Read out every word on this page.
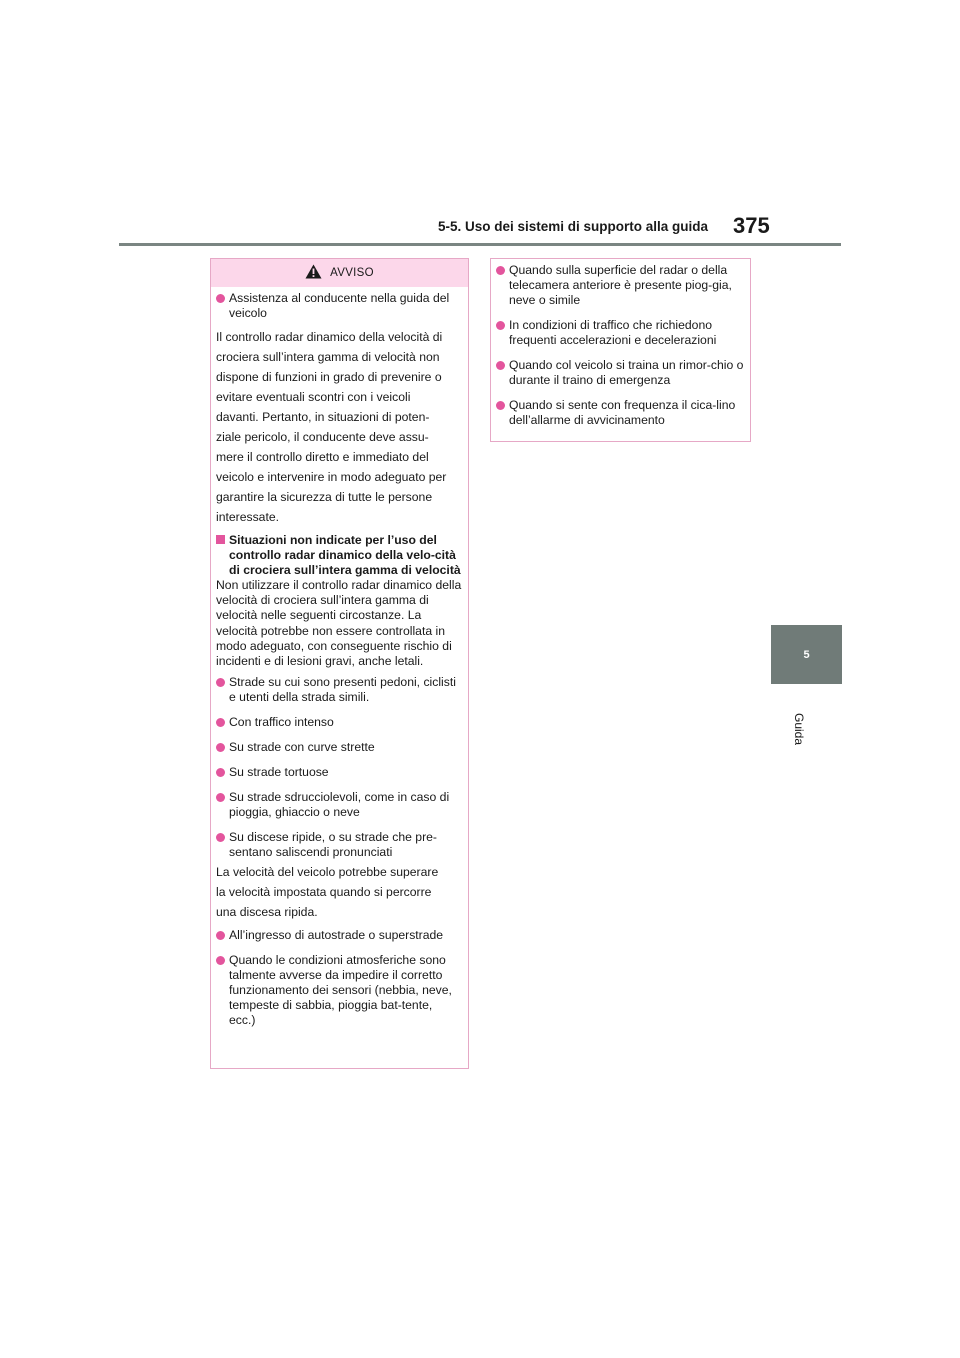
5-5. Uso dei sistemi di supporto alla guida 375
5
Guida
AVVISO
Assistenza al conducente nella guida del veicolo
Il controllo radar dinamico della velocità di
crociera sull’intera gamma di velocità non
dispone di funzioni in grado di prevenire o
evitare eventuali scontri con i veicoli
davanti. Pertanto, in situazioni di poten-
ziale pericolo, il conducente deve assu-
mere il controllo diretto e immediato del
veicolo e intervenire in modo adeguato per
garantire la sicurezza di tutte le persone
interessate.
Situazioni non indicate per l’uso del controllo radar dinamico della velo-cità di crociera sull’intera gamma di velocità
Non utilizzare il controllo radar dinamico della velocità di crociera sull’intera gamma di velocità nelle seguenti circostanze. La velocità potrebbe non essere controllata in modo adeguato, con conseguente rischio di incidenti e di lesioni gravi, anche letali.
Strade su cui sono presenti pedoni, ciclisti e utenti della strada simili.
Con traffico intenso
Su strade con curve strette
Su strade tortuose
Su strade sdrucciolevoli, come in caso di pioggia, ghiaccio o neve
Su discese ripide, o su strade che pre-sentano saliscendi pronunciati
La velocità del veicolo potrebbe superare
la velocità impostata quando si percorre
una discesa ripida.
All’ingresso di autostrade o superstrade
Quando le condizioni atmosferiche sono talmente avverse da impedire il corretto funzionamento dei sensori (nebbia, neve, tempeste di sabbia, pioggia bat-tente, ecc.)
Quando sulla superficie del radar o della telecamera anteriore è presente piog-gia, neve o simile
In condizioni di traffico che richiedono frequenti accelerazioni e decelerazioni
Quando col veicolo si traina un rimor-chio o durante il traino di emergenza
Quando si sente con frequenza il cica-lino dell’allarme di avvicinamento
